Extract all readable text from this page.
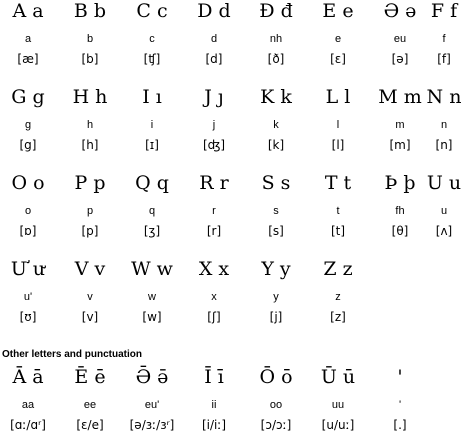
A a
a
[æ]
B b
b
[b]
C c
c
[ʧ]
D d
d
[d]
Đ đ
nh
[ð]
E e
e
[ɛ]
Ə ə
eu
[ə]
F f
f
[f]
G g
g
[g]
H h
h
[h]
I ı
i
[ɪ]
J ȷ
j
[ʤ]
K k
k
[k]
L l
l
[l]
M m
m
[m]
N n
n
[n]
O o
o
[ɒ]
P p
p
[p]
Q q
q
[ʒ]
R r
r
[r]
S s
s
[s]
T t
t
[t]
Þ þ
fh
[θ]
U u
u
[ʌ]
Ư ư
u'
[ʊ]
V v
v
[v]
W w
w
[w]
X x
x
[ʃ]
Y y
y
[j]
Z z
z
[z]
Other letters and punctuation
Ā ā
aa
[ɑː/ɑʳ]
Ē ē
ee
[ɛ/e]
Ə̄ ə̄
eu'
[ə/ɜː/ɜʳ]
Ī ī
ii
[i/iː]
Ō ō
oo
[ɔ/ɔː]
Ū ū
uu
[u/uː]
'
'
[.]
